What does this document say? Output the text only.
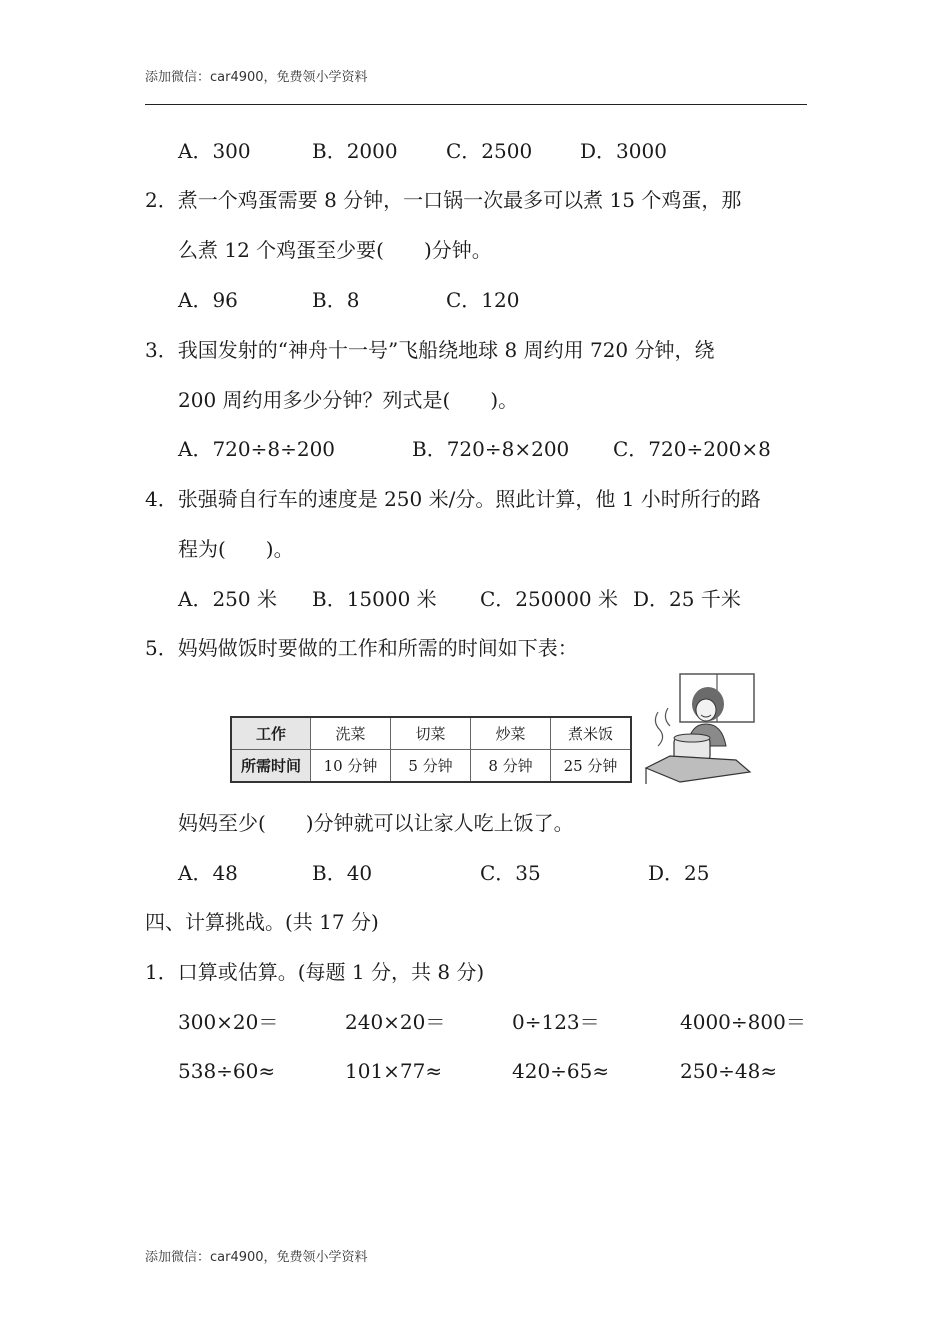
添加微信：car4900，免费领小学资料
A．300	B．2000 C．2500 D．3000
2．煮一个鸡蛋需要 8 分钟，一口锅一次最多可以煮 15 个鸡蛋，那
么煮 12 个鸡蛋至少要(　　)分钟。
A．96	B．8	C．120
3．我国发射的“神舟十一号”飞船绕地球 8 周约用 720 分钟，绕
200 周约用多少分钟？列式是(　　)。
A．720÷8÷200	B．720÷8×200 C．720÷200×8
4．张强骑自行车的速度是 250 米/分。照此计算，他 1 小时所行的路
程为(　　)。
A．250 米 B．15000 米 C．250000 米 D．25 千米
5．妈妈做饭时要做的工作和所需的时间如下表：
工作	洗菜	切菜	炒菜	煮米饭
所需时间	10 分钟	5 分钟	8 分钟	25 分钟
妈妈至少(　　)分钟就可以让家人吃上饭了。
A．48	B．40	C．35	D．25
四、计算挑战。(共 17 分)
1．口算或估算。(每题 1 分，共 8 分)
300×20＝	240×20＝	0÷123＝	4000÷800＝
538÷60≈	101×77≈	420÷65≈	250÷48≈
添加微信：car4900，免费领小学资料
